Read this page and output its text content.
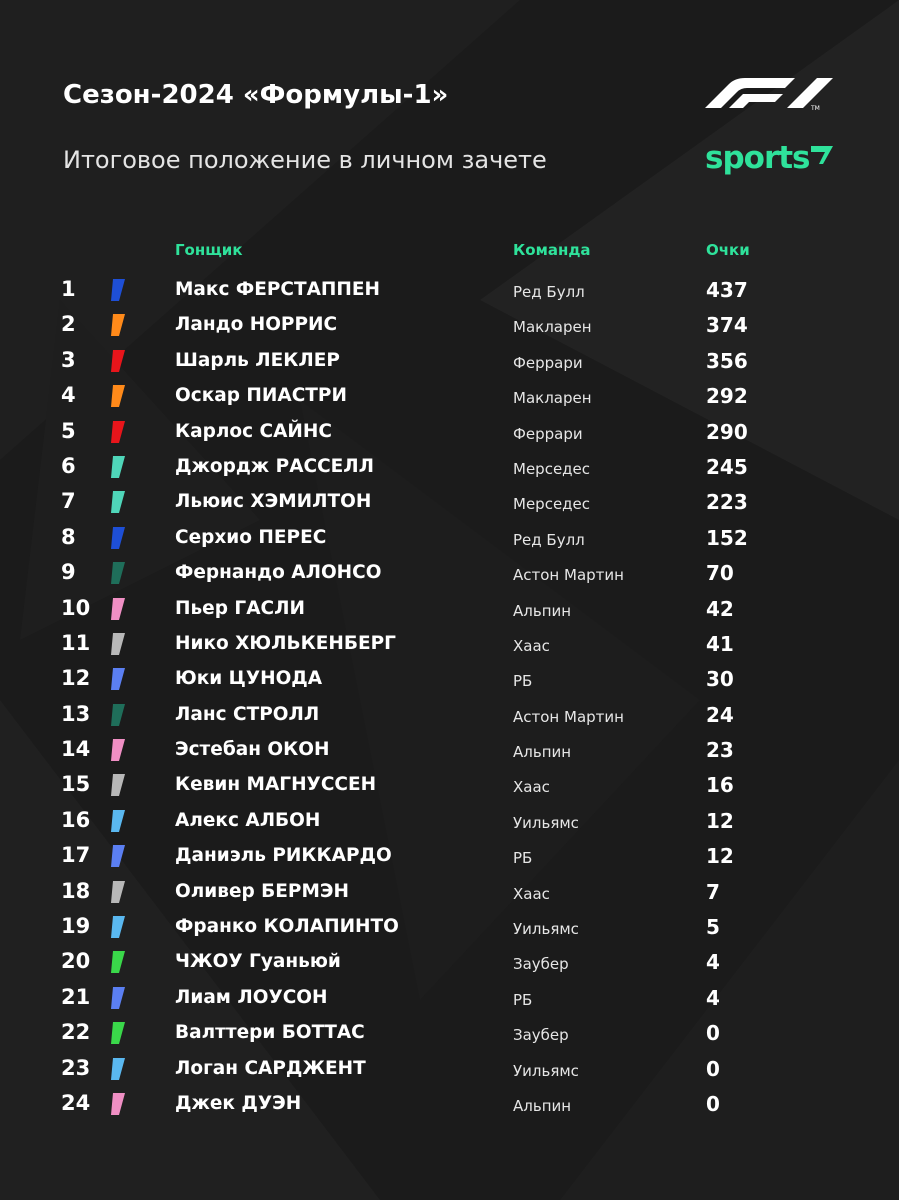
Сезон-2024 «Формулы-1»
Итоговое положение в личном зачете
TM
sports
Гонщик	Команда	Очки
1	Макс ФЕРСТАППЕН	Ред Булл	437
2	Ландо НОРРИС	Макларен	374
3	Шарль ЛЕКЛЕР	Феррари	356
4	Оскар ПИАСТРИ	Макларен	292
5	Карлос САЙНС	Феррари	290
6	Джордж РАССЕЛЛ	Мерседес	245
7	Льюис ХЭМИЛТОН	Мерседес	223
8	Серхио ПЕРЕС	Ред Булл	152
9	Фернандо АЛОНСО	Астон Мартин	70
10	Пьер ГАСЛИ	Альпин	42
11	Нико ХЮЛЬКЕНБЕРГ	Хаас	41
12	Юки ЦУНОДА	РБ	30
13	Ланс СТРОЛЛ	Астон Мартин	24
14	Эстебан ОКОН	Альпин	23
15	Кевин МАГНУССЕН	Хаас	16
16	Алекс АЛБОН	Уильямс	12
17	Даниэль РИККАРДО	РБ	12
18	Оливер БЕРМЭН	Хаас	7
19	Франко КОЛАПИНТО	Уильямс	5
20	ЧЖОУ Гуаньюй	Заубер	4
21	Лиам ЛОУСОН	РБ	4
22	Валттери БОТТАС	Заубер	0
23	Логан САРДЖЕНТ	Уильямс	0
24	Джек ДУЭН	Альпин	0
